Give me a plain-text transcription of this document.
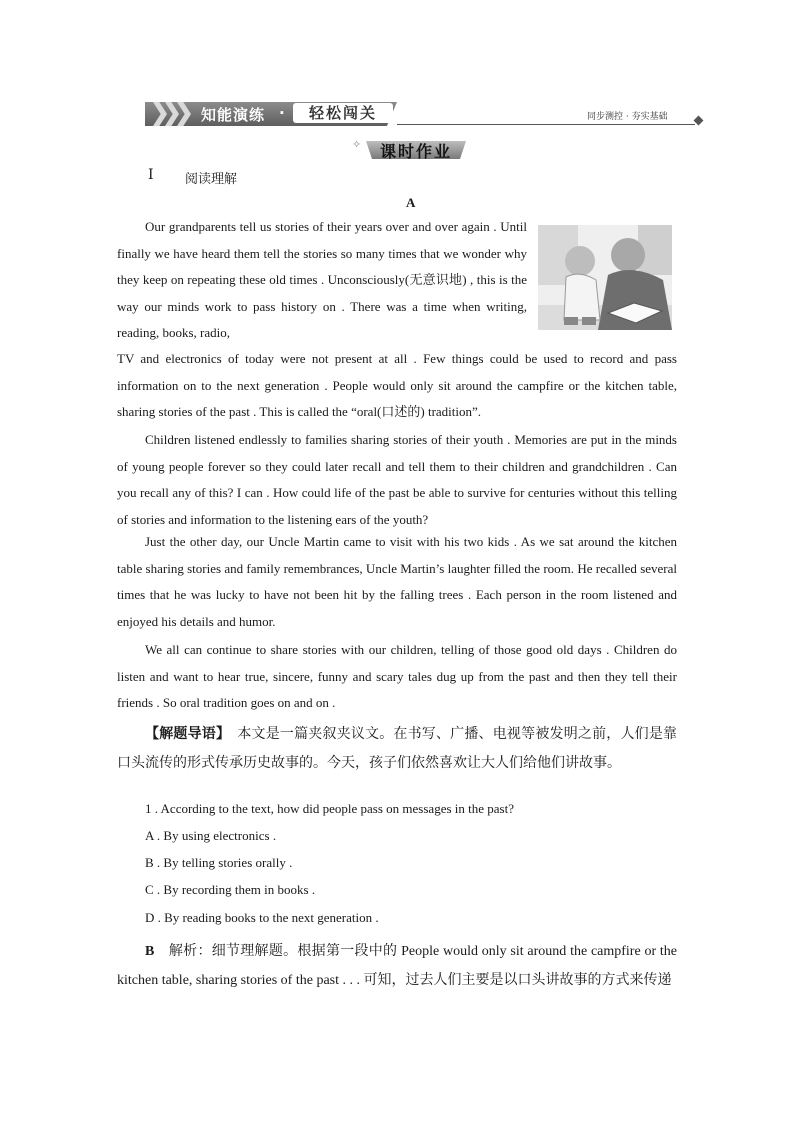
知能演练 ·	轻松闯关	同步测控 · 夯实基础
✧	课时作业
Ⅰ 阅读理解
A

Our grandparents tell us stories of their years over and over again . Until finally we have heard them tell the stories so many times that we wonder why they keep on repeating these old times . Unconsciously(无意识地) , this is the way our minds work to pass history on . There was a time when writing, reading, books, radio,

TV and electronics of today were not present at all . Few things could be used to record and pass information on to the next generation . People would only sit around the campfire or the kitchen table, sharing stories of the past . This is called the “oral(口述的) tradition”.

Children listened endlessly to families sharing stories of their youth . Memories are put in the minds of young people forever so they could later recall and tell them to their children and grandchildren . Can you recall any of this? I can . How could life of the past be able to survive for centuries without this telling of stories and information to the listening ears of the youth?

Just the other day, our Uncle Martin came to visit with his two kids . As we sat around the kitchen table sharing stories and family remembrances, Uncle Martin’s laughter filled the room. He recalled several times that he was lucky to have not been hit by the falling trees . Each person in the room listened and enjoyed his details and humor.

We all can continue to share stories with our children, telling of those good old days . Children do listen and want to hear true, sincere, funny and scary tales dug up from the past and then they tell their friends . So oral tradition goes on and on .

【解题导语】　 本文是一篇夹叙夹议文。在书写、广播、电视等被发明之前，人们是靠口头流传的形式传承历史故事的。今天，孩子们依然喜欢让大人们给他们讲故事。

1 . According to the text, how did people pass on messages in the past?
A . By using electronics .
B . By telling stories orally .
C . By recording them in books .
D . By reading books to the next generation .

B　 解析：细节理解题。根据第一段中的 People would only sit around the campfire or the kitchen table, sharing stories of the past . . . 可知，过去人们主要是以口头讲故事的方式来传递
